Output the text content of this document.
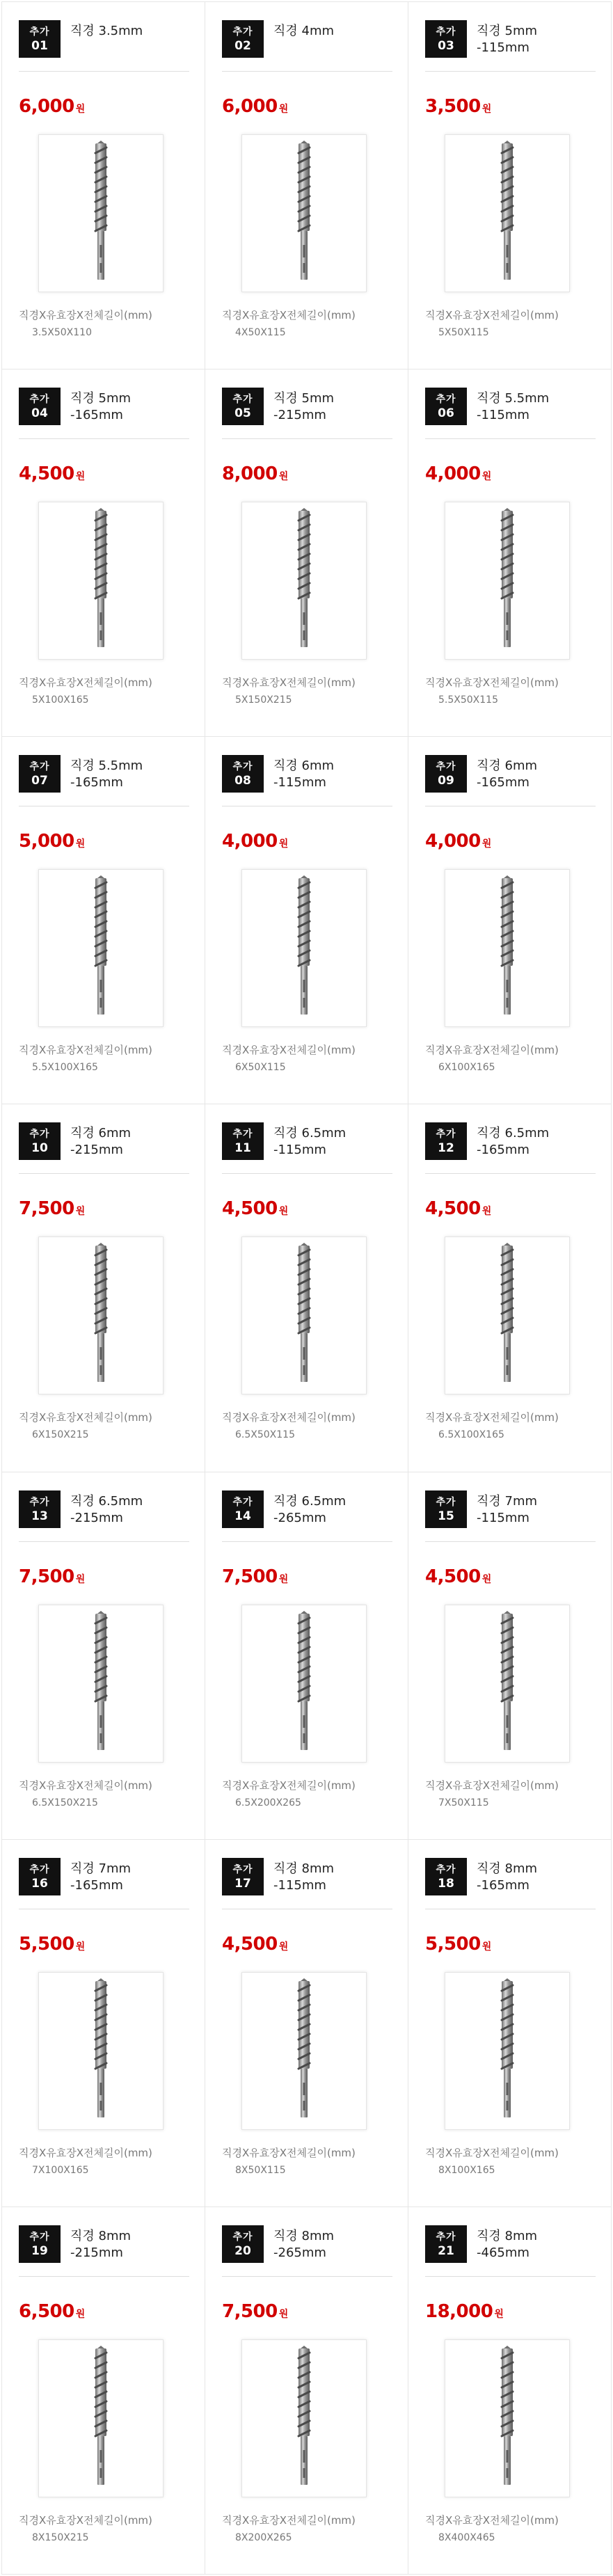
추가
01
직경 3.5mm
6,000 원
직경X유효장X전체길이(mm)
3.5X50X110
추가
02
직경 4mm
6,000 원
직경X유효장X전체길이(mm)
4X50X115
추가
03
직경 5mm
-115mm
3,500 원
직경X유효장X전체길이(mm)
5X50X115
추가
04
직경 5mm
-165mm
4,500 원
직경X유효장X전체길이(mm)
5X100X165
추가
05
직경 5mm
-215mm
8,000 원
직경X유효장X전체길이(mm)
5X150X215
추가
06
직경 5.5mm
-115mm
4,000 원
직경X유효장X전체길이(mm)
5.5X50X115
추가
07
직경 5.5mm
-165mm
5,000 원
직경X유효장X전체길이(mm)
5.5X100X165
추가
08
직경 6mm
-115mm
4,000 원
직경X유효장X전체길이(mm)
6X50X115
추가
09
직경 6mm
-165mm
4,000 원
직경X유효장X전체길이(mm)
6X100X165
추가
10
직경 6mm
-215mm
7,500 원
직경X유효장X전체길이(mm)
6X150X215
추가
11
직경 6.5mm
-115mm
4,500 원
직경X유효장X전체길이(mm)
6.5X50X115
추가
12
직경 6.5mm
-165mm
4,500 원
직경X유효장X전체길이(mm)
6.5X100X165
추가
13
직경 6.5mm
-215mm
7,500 원
직경X유효장X전체길이(mm)
6.5X150X215
추가
14
직경 6.5mm
-265mm
7,500 원
직경X유효장X전체길이(mm)
6.5X200X265
추가
15
직경 7mm
-115mm
4,500 원
직경X유효장X전체길이(mm)
7X50X115
추가
16
직경 7mm
-165mm
5,500 원
직경X유효장X전체길이(mm)
7X100X165
추가
17
직경 8mm
-115mm
4,500 원
직경X유효장X전체길이(mm)
8X50X115
추가
18
직경 8mm
-165mm
5,500 원
직경X유효장X전체길이(mm)
8X100X165
추가
19
직경 8mm
-215mm
6,500 원
직경X유효장X전체길이(mm)
8X150X215
추가
20
직경 8mm
-265mm
7,500 원
직경X유효장X전체길이(mm)
8X200X265
추가
21
직경 8mm
-465mm
18,000 원
직경X유효장X전체길이(mm)
8X400X465
